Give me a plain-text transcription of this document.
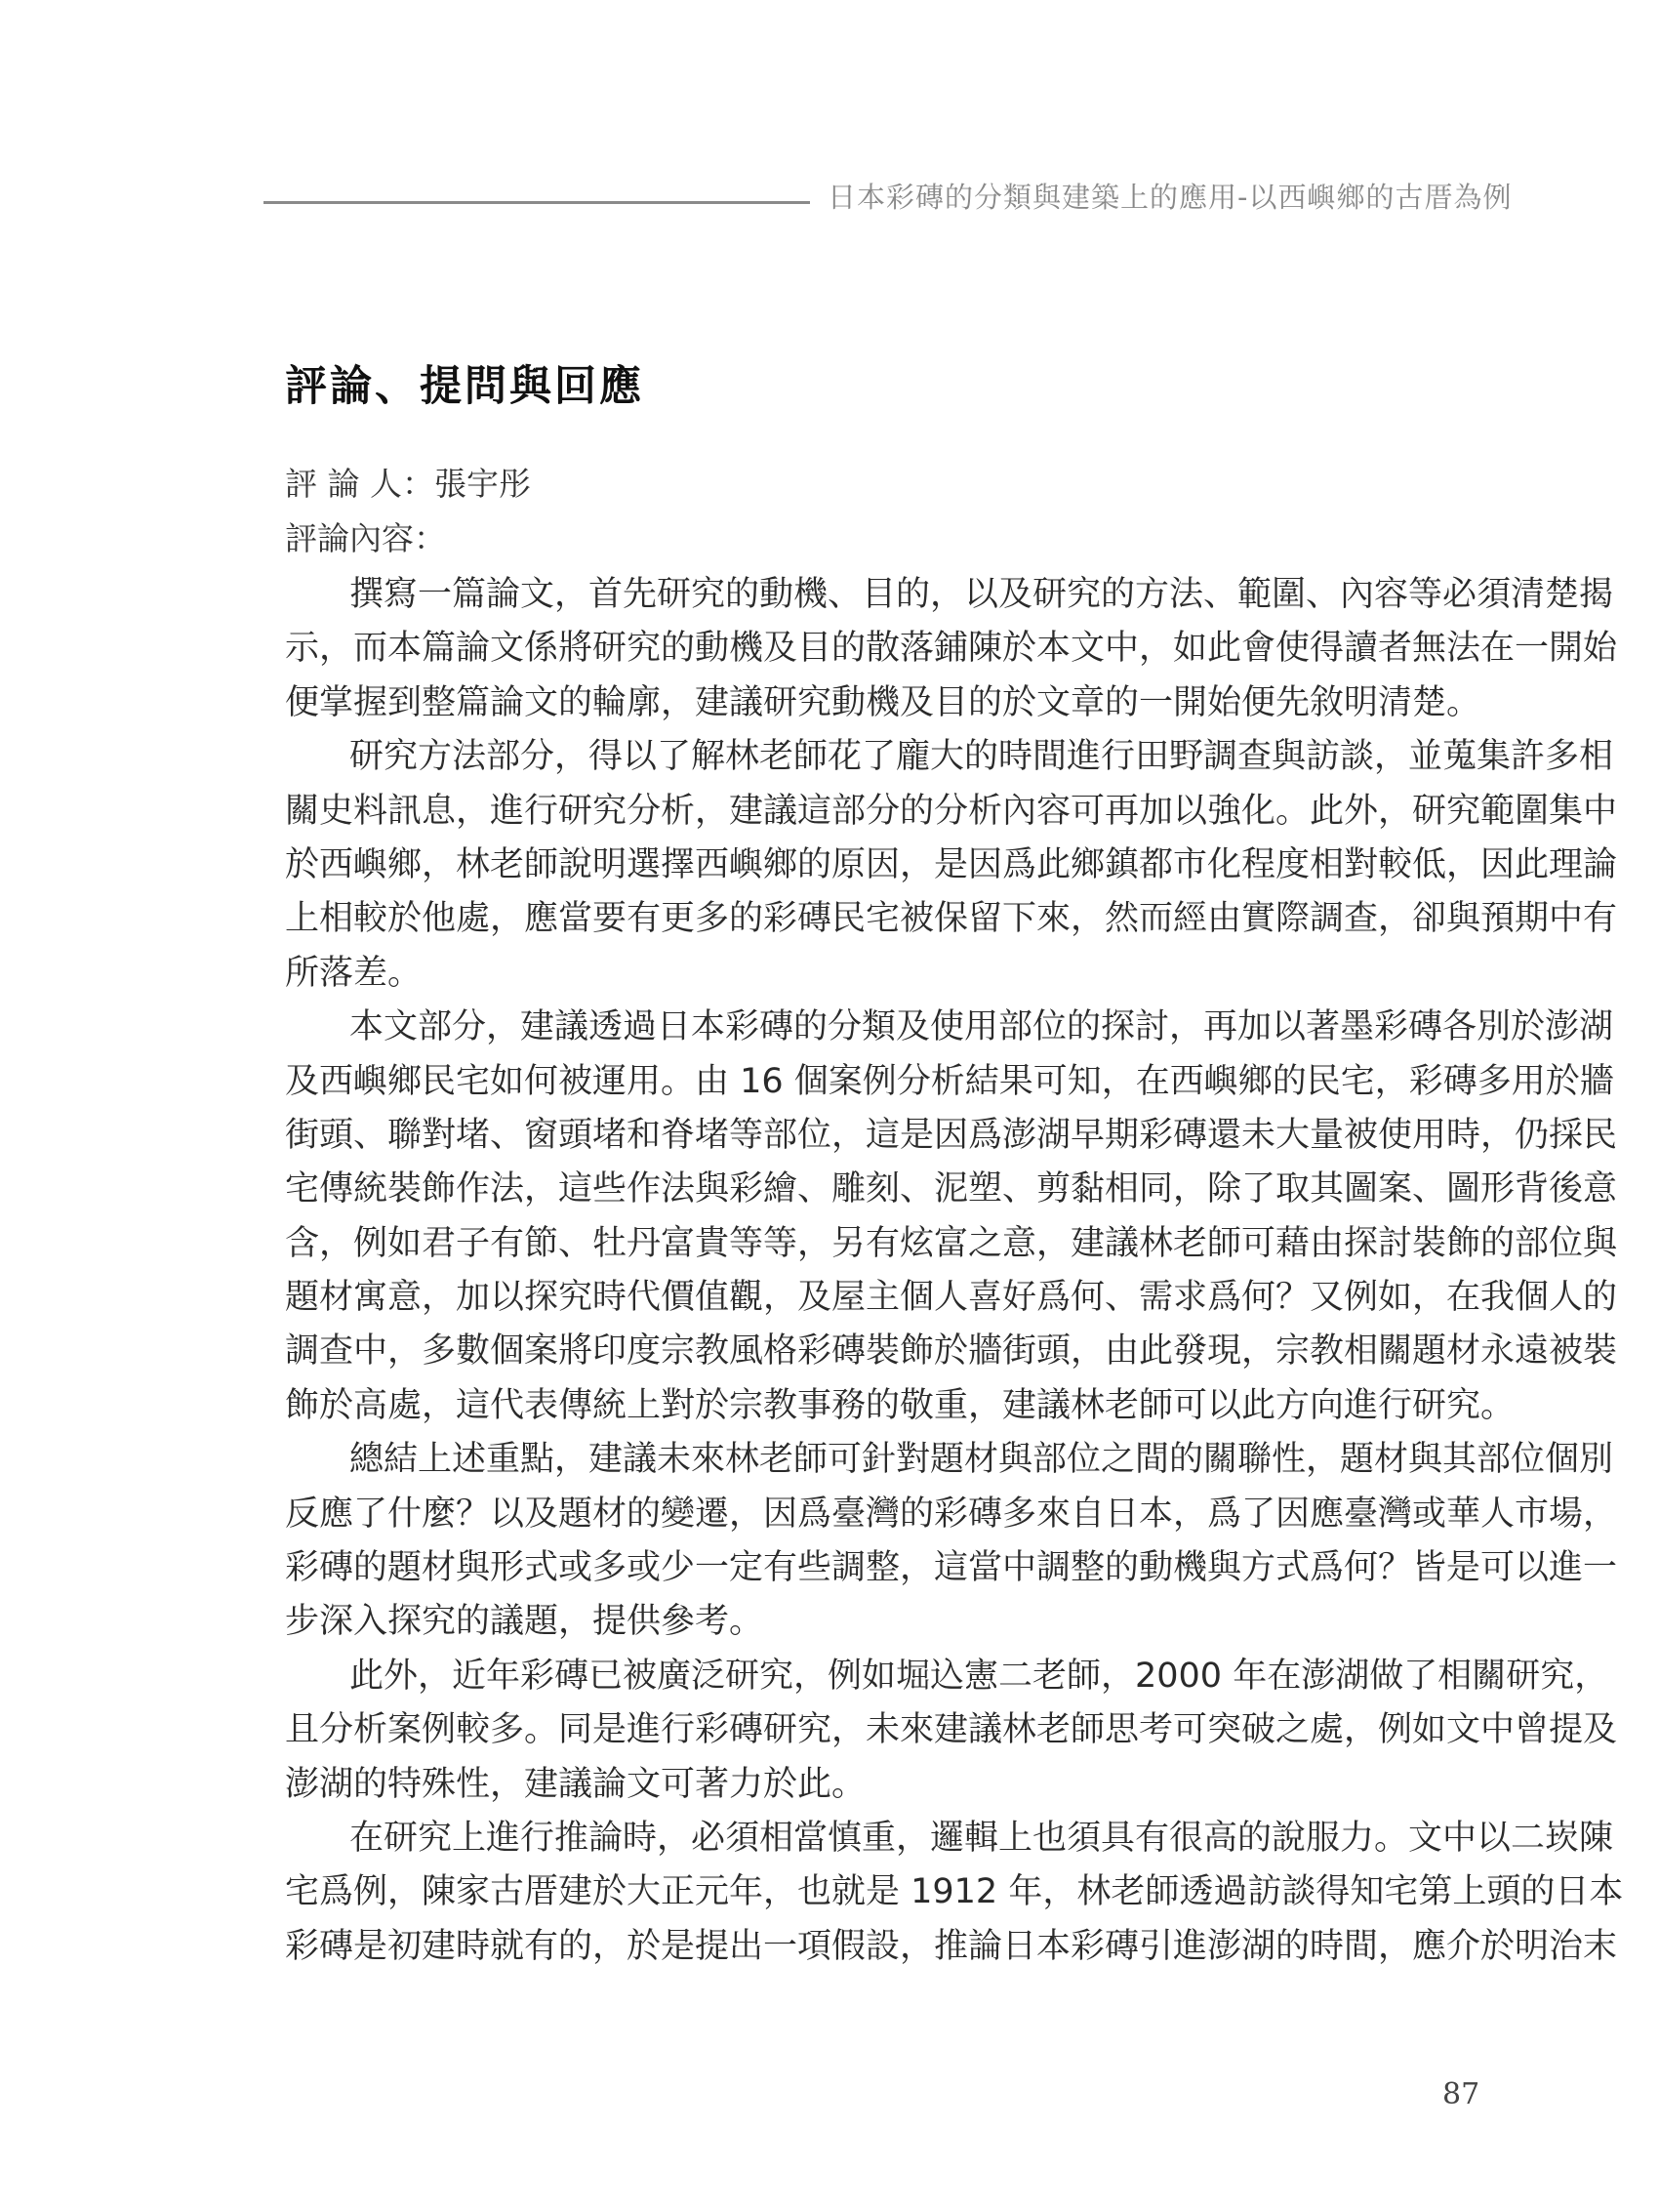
日本彩磚的分類與建築上的應用-以西嶼鄉的古厝為例
評論、提問與回應
評 論 人：張宇彤
評論內容：
撰寫一篇論文，首先研究的動機、目的，以及研究的方法、範圍、內容等必須清楚揭
示，而本篇論文係將研究的動機及目的散落鋪陳於本文中，如此會使得讀者無法在一開始
便掌握到整篇論文的輪廓，建議研究動機及目的於文章的一開始便先敘明清楚。
研究方法部分，得以了解林老師花了龐大的時間進行田野調查與訪談，並蒐集許多相
關史料訊息，進行研究分析，建議這部分的分析內容可再加以強化。此外，研究範圍集中
於西嶼鄉，林老師說明選擇西嶼鄉的原因，是因爲此鄉鎮都市化程度相對較低，因此理論
上相較於他處，應當要有更多的彩磚民宅被保留下來，然而經由實際調查，卻與預期中有
所落差。
本文部分，建議透過日本彩磚的分類及使用部位的探討，再加以著墨彩磚各別於澎湖
及西嶼鄉民宅如何被運用。由 16 個案例分析結果可知，在西嶼鄉的民宅，彩磚多用於牆
街頭、聯對堵、窗頭堵和脊堵等部位，這是因爲澎湖早期彩磚還未大量被使用時，仍採民
宅傳統裝飾作法，這些作法與彩繪、雕刻、泥塑、剪黏相同，除了取其圖案、圖形背後意
含，例如君子有節、牡丹富貴等等，另有炫富之意，建議林老師可藉由探討裝飾的部位與
題材寓意，加以探究時代價值觀，及屋主個人喜好爲何、需求爲何？又例如，在我個人的
調查中，多數個案將印度宗教風格彩磚裝飾於牆街頭，由此發現，宗教相關題材永遠被裝
飾於高處，這代表傳統上對於宗教事務的敬重，建議林老師可以此方向進行研究。
總結上述重點，建議未來林老師可針對題材與部位之間的關聯性，題材與其部位個別
反應了什麼？以及題材的變遷，因爲臺灣的彩磚多來自日本，爲了因應臺灣或華人市場，
彩磚的題材與形式或多或少一定有些調整，這當中調整的動機與方式爲何？皆是可以進一
步深入探究的議題，提供參考。
此外，近年彩磚已被廣泛研究，例如堀込憲二老師，2000 年在澎湖做了相關研究，
且分析案例較多。同是進行彩磚研究，未來建議林老師思考可突破之處，例如文中曾提及
澎湖的特殊性，建議論文可著力於此。
在研究上進行推論時，必須相當慎重，邏輯上也須具有很高的說服力。文中以二崁陳
宅爲例，陳家古厝建於大正元年，也就是 1912 年，林老師透過訪談得知宅第上頭的日本
彩磚是初建時就有的，於是提出一項假設，推論日本彩磚引進澎湖的時間，應介於明治末
87
